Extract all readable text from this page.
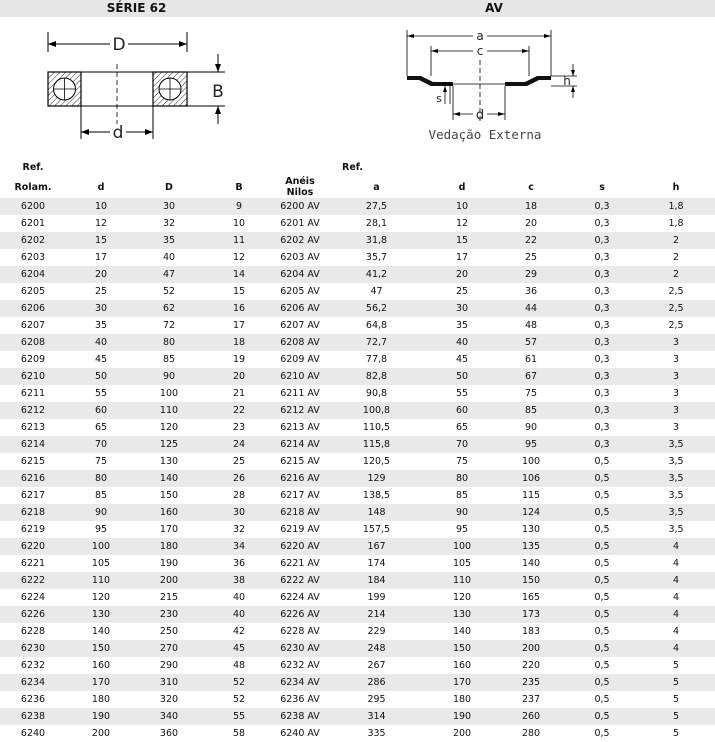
SÉRIE 62	AV
D
B
d
a
c
h
s
d
Vedação Externa
Ref.				Ref.					
Rolam.	d	D	B	Anéis Nilos	a	d	c	s	h
6200	10	30	9	6200 AV	27,5	10	18	0,3	1,8
6201	12	32	10	6201 AV	28,1	12	20	0,3	1,8
6202	15	35	11	6202 AV	31,8	15	22	0,3	2
6203	17	40	12	6203 AV	35,7	17	25	0,3	2
6204	20	47	14	6204 AV	41,2	20	29	0,3	2
6205	25	52	15	6205 AV	47	25	36	0,3	2,5
6206	30	62	16	6206 AV	56,2	30	44	0,3	2,5
6207	35	72	17	6207 AV	64,8	35	48	0,3	2,5
6208	40	80	18	6208 AV	72,7	40	57	0,3	3
6209	45	85	19	6209 AV	77,8	45	61	0,3	3
6210	50	90	20	6210 AV	82,8	50	67	0,3	3
6211	55	100	21	6211 AV	90,8	55	75	0,3	3
6212	60	110	22	6212 AV	100,8	60	85	0,3	3
6213	65	120	23	6213 AV	110,5	65	90	0,3	3
6214	70	125	24	6214 AV	115,8	70	95	0,3	3,5
6215	75	130	25	6215 AV	120,5	75	100	0,5	3,5
6216	80	140	26	6216 AV	129	80	106	0,5	3,5
6217	85	150	28	6217 AV	138,5	85	115	0,5	3,5
6218	90	160	30	6218 AV	148	90	124	0,5	3,5
6219	95	170	32	6219 AV	157,5	95	130	0,5	3,5
6220	100	180	34	6220 AV	167	100	135	0,5	4
6221	105	190	36	6221 AV	174	105	140	0,5	4
6222	110	200	38	6222 AV	184	110	150	0,5	4
6224	120	215	40	6224 AV	199	120	165	0,5	4
6226	130	230	40	6226 AV	214	130	173	0,5	4
6228	140	250	42	6228 AV	229	140	183	0,5	4
6230	150	270	45	6230 AV	248	150	200	0,5	4
6232	160	290	48	6232 AV	267	160	220	0,5	5
6234	170	310	52	6234 AV	286	170	235	0,5	5
6236	180	320	52	6236 AV	295	180	237	0,5	5
6238	190	340	55	6238 AV	314	190	260	0,5	5
6240	200	360	58	6240 AV	335	200	280	0,5	5
